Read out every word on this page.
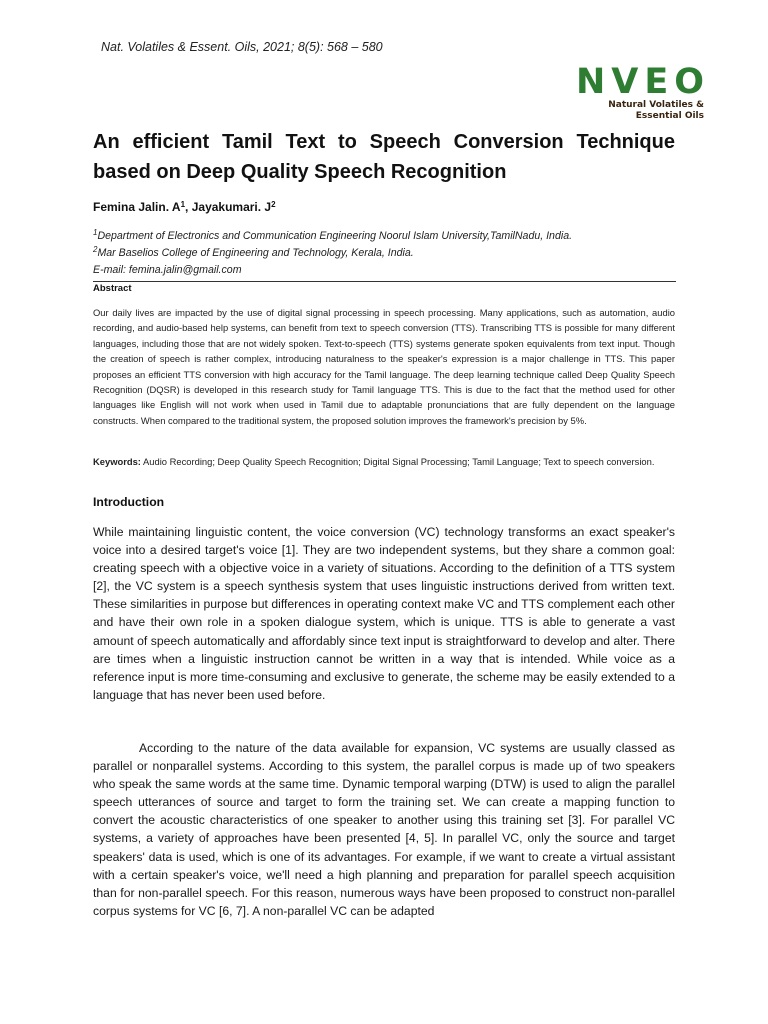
Nat. Volatiles & Essent. Oils, 2021; 8(5): 568 – 580
NVEO
Natural Volatiles &
Essential Oils
An efficient Tamil Text to Speech Conversion Technique based on Deep Quality Speech Recognition
Femina Jalin. $A^1$, Jayakumari. $J^2$
$^1$Department of Electronics and Communication Engineering Noorul Islam University,TamilNadu, India.
$^2$Mar Baselios College of Engineering and Technology, Kerala, India.
E-mail: femina.jalin@gmail.com
Abstract

Our daily lives are impacted by the use of digital signal processing in speech processing. Many applications, such as automation, audio recording, and audio-based help systems, can benefit from text to speech conversion (TTS). Transcribing TTS is possible for many different languages, including those that are not widely spoken. Text-to-speech (TTS) systems generate spoken equivalents from text input. Though the creation of speech is rather complex, introducing naturalness to the speaker's expression is a major challenge in TTS. This paper proposes an efficient TTS conversion with high accuracy for the Tamil language. The deep learning technique called Deep Quality Speech Recognition (DQSR) is developed in this research study for Tamil language TTS. This is due to the fact that the method used for other languages like English will not work when used in Tamil due to adaptable pronunciations that are fully dependent on the language constructs. When compared to the traditional system, the proposed solution improves the framework's precision by 5%.

Keywords: Audio Recording; Deep Quality Speech Recognition; Digital Signal Processing; Tamil Language; Text to speech conversion.

Introduction

While maintaining linguistic content, the voice conversion (VC) technology transforms an exact speaker's voice into a desired target's voice [1]. They are two independent systems, but they share a common goal: creating speech with a objective voice in a variety of situations. According to the definition of a TTS system [2], the VC system is a speech synthesis system that uses linguistic instructions derived from written text. These similarities in purpose but differences in operating context make VC and TTS complement each other and have their own role in a spoken dialogue system, which is unique. TTS is able to generate a vast amount of speech automatically and affordably since text input is straightforward to develop and alter. There are times when a linguistic instruction cannot be written in a way that is intended. While voice as a reference input is more time-consuming and exclusive to generate, the scheme may be easily extended to a language that has never been used before.

According to the nature of the data available for expansion, VC systems are usually classed as parallel or nonparallel systems. According to this system, the parallel corpus is made up of two speakers who speak the same words at the same time. Dynamic temporal warping (DTW) is used to align the parallel speech utterances of source and target to form the training set. We can create a mapping function to convert the acoustic characteristics of one speaker to another using this training set [3]. For parallel VC systems, a variety of approaches have been presented [4, 5]. In parallel VC, only the source and target speakers' data is used, which is one of its advantages. For example, if we want to create a virtual assistant with a certain speaker's voice, we'll need a high planning and preparation for parallel speech acquisition than for non-parallel speech. For this reason, numerous ways have been proposed to construct non-parallel corpus systems for VC [6, 7]. A non-parallel VC can be adapted
